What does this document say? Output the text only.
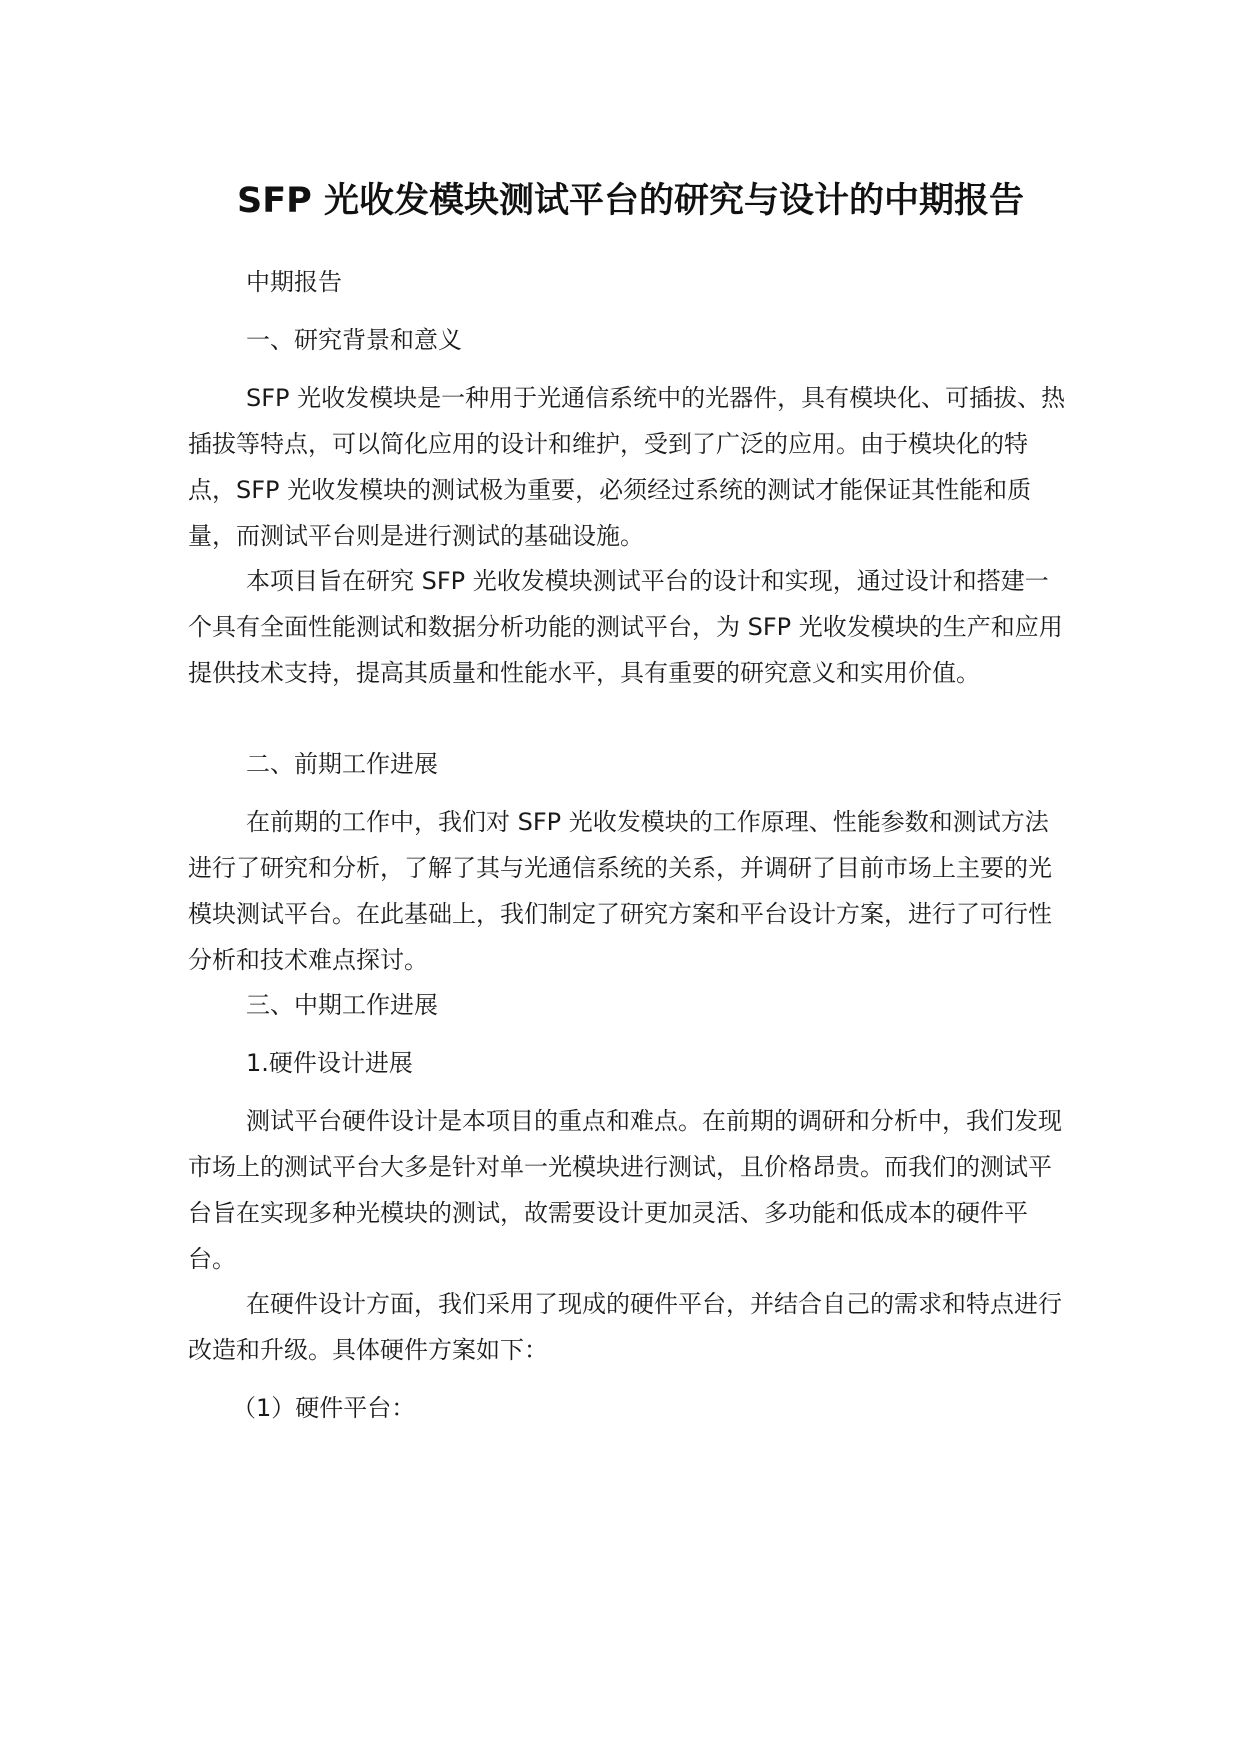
SFP 光收发模块测试平台的研究与设计的中期报告

中期报告

一、研究背景和意义

SFP 光收发模块是一种用于光通信系统中的光器件，具有模块化、可插拔、热插拔等特点，可以简化应用的设计和维护，受到了广泛的应用。由于模块化的特点，SFP 光收发模块的测试极为重要，必须经过系统的测试才能保证其性能和质量，而测试平台则是进行测试的基础设施。

本项目旨在研究 SFP 光收发模块测试平台的设计和实现，通过设计和搭建一个具有全面性能测试和数据分析功能的测试平台，为 SFP 光收发模块的生产和应用提供技术支持，提高其质量和性能水平，具有重要的研究意义和实用价值。

二、前期工作进展

在前期的工作中，我们对 SFP 光收发模块的工作原理、性能参数和测试方法进行了研究和分析，了解了其与光通信系统的关系，并调研了目前市场上主要的光模块测试平台。在此基础上，我们制定了研究方案和平台设计方案，进行了可行性分析和技术难点探讨。

三、中期工作进展

1.硬件设计进展

测试平台硬件设计是本项目的重点和难点。在前期的调研和分析中，我们发现市场上的测试平台大多是针对单一光模块进行测试，且价格昂贵。而我们的测试平台旨在实现多种光模块的测试，故需要设计更加灵活、多功能和低成本的硬件平台。

在硬件设计方面，我们采用了现成的硬件平台，并结合自己的需求和特点进行改造和升级。具体硬件方案如下：

（1）硬件平台：
